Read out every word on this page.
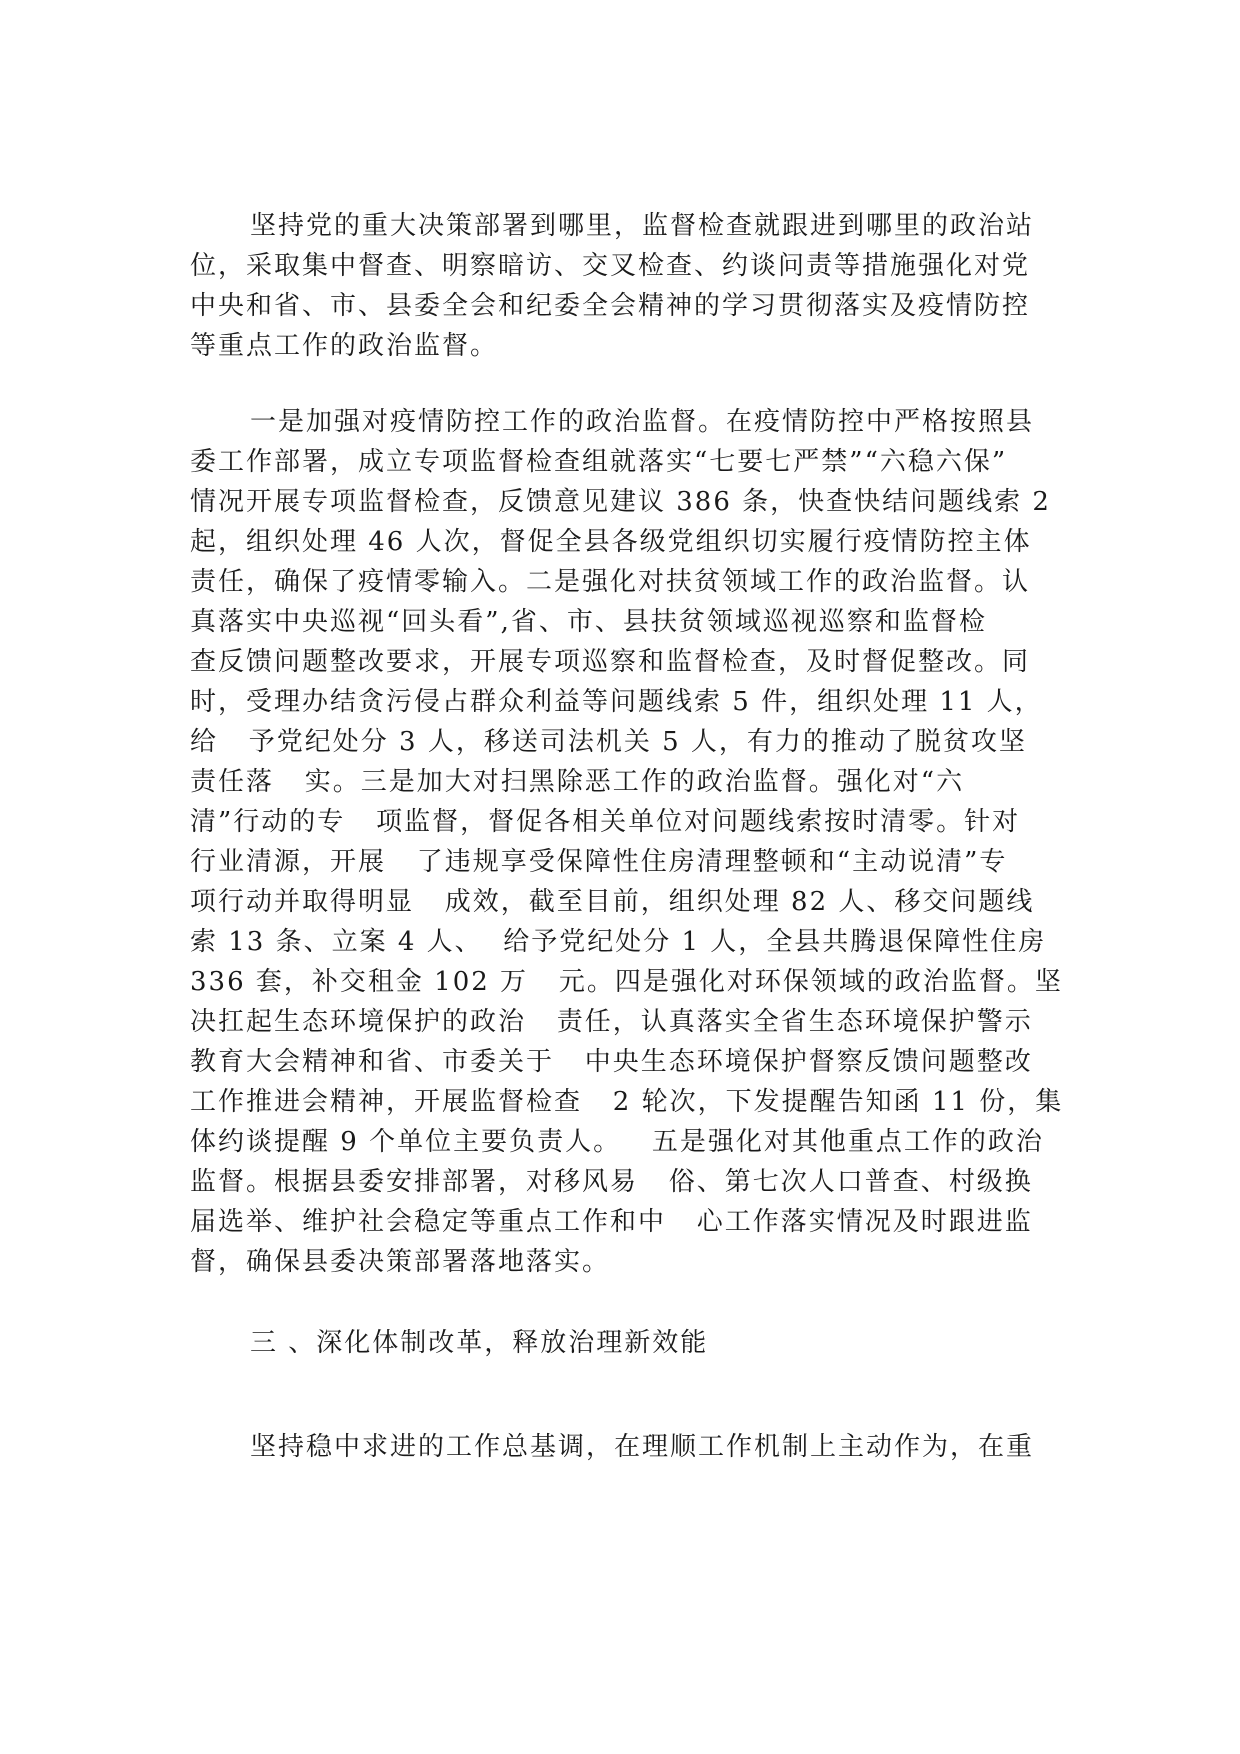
坚持党的重大决策部署到哪里，监督检查就跟进到哪里的政治站
位，采取集中督查、明察暗访、交叉检查、约谈问责等措施强化对党
中央和省、市、县委全会和纪委全会精神的学习贯彻落实及疫情防控
等重点工作的政治监督。
一是加强对疫情防控工作的政治监督。在疫情防控中严格按照县
委工作部署，成立专项监督检查组就落实“七要七严禁”“六稳六保”
情况开展专项监督检查，反馈意见建议 386 条，快查快结问题线索 2
起，组织处理 46 人次，督促全县各级党组织切实履行疫情防控主体
责任，确保了疫情零输入。二是强化对扶贫领域工作的政治监督。认
真落实中央巡视“回头看”,省、市、县扶贫领域巡视巡察和监督检
查反馈问题整改要求，开展专项巡察和监督检查，及时督促整改。同
时，受理办结贪污侵占群众利益等问题线索 5 件，组织处理 11 人，
给   予党纪处分 3 人，移送司法机关 5 人，有力的推动了脱贫攻坚
责任落   实。三是加大对扫黑除恶工作的政治监督。强化对“六
清”行动的专   项监督，督促各相关单位对问题线索按时清零。针对
行业清源，开展   了违规享受保障性住房清理整顿和“主动说清”专
项行动并取得明显   成效，截至目前，组织处理 82 人、移交问题线
索 13 条、立案 4 人、  给予党纪处分 1 人，全县共腾退保障性住房
336 套，补交租金 102 万   元。四是强化对环保领域的政治监督。坚
决扛起生态环境保护的政治   责任，认真落实全省生态环境保护警示
教育大会精神和省、市委关于   中央生态环境保护督察反馈问题整改
工作推进会精神，开展监督检查   2 轮次，下发提醒告知函 11 份，集
体约谈提醒 9 个单位主要负责人。   五是强化对其他重点工作的政治
监督。根据县委安排部署，对移风易   俗、第七次人口普查、村级换
届选举、维护社会稳定等重点工作和中   心工作落实情况及时跟进监
督，确保县委决策部署落地落实。
三 、深化体制改革，释放治理新效能
坚持稳中求进的工作总基调，在理顺工作机制上主动作为，在重
